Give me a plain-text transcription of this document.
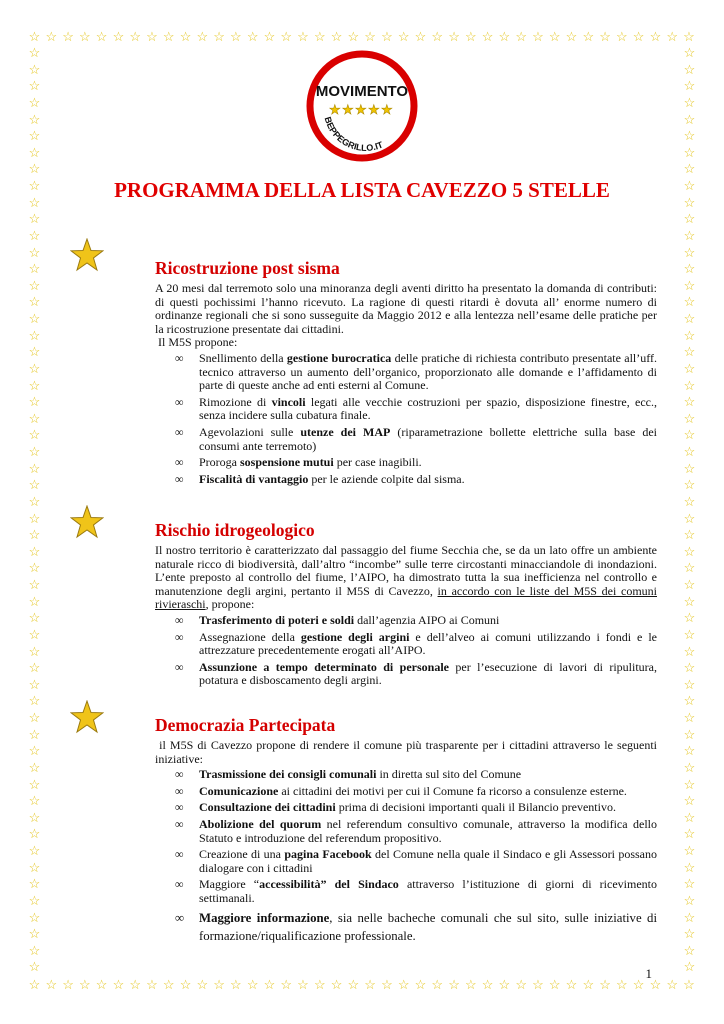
☆ ☆ ☆ ☆ ☆ ☆ ☆ ☆ ☆ ☆ ☆ ☆ ☆ ☆ ☆ ☆ ☆ ☆ ☆ ☆ ☆ ☆ ☆ ☆ ☆ ☆ ☆ ☆ ☆ ☆ ☆ ☆ ☆ ☆ ☆ ☆ ☆ ☆ ☆ ☆
☆ ☆ ☆ ☆ ☆ ☆ ☆ ☆ ☆ ☆ ☆ ☆ ☆ ☆ ☆ ☆ ☆ ☆ ☆ ☆ ☆ ☆ ☆ ☆ ☆ ☆ ☆ ☆ ☆ ☆ ☆ ☆ ☆ ☆ ☆ ☆ ☆ ☆ ☆ ☆
☆
☆
☆
☆
☆
☆
☆
☆
☆
☆
☆
☆
☆
☆
☆
☆
☆
☆
☆
☆
☆
☆
☆
☆
☆
☆
☆
☆
☆
☆
☆
☆
☆
☆
☆
☆
☆
☆
☆
☆
☆
☆
☆
☆
☆
☆
☆
☆
☆
☆
☆
☆
☆
☆
☆
☆
☆
☆
☆
☆
☆
☆
☆
☆
☆
☆
☆
☆
☆
☆
☆
☆
☆
☆
☆
☆
☆
☆
☆
☆
☆
☆
☆
☆
☆
☆
☆
☆
☆
☆
☆
☆
☆
☆
☆
☆
☆
☆
☆
☆
☆
☆
☆
☆
☆
☆
☆
☆
☆
☆
☆
☆
MOVIMENTO
★ ★ ★ ★ ★
BEPPEGRILLO.IT
PROGRAMMA DELLA LISTA CAVEZZO 5 STELLE
Ricostruzione post sisma

A 20 mesi dal terremoto solo una minoranza degli aventi diritto ha presentato la domanda di contributi: di questi pochissimi l’hanno ricevuto. La ragione di questi ritardi è dovuta all’ enorme numero di ordinanze regionali che si sono susseguite da Maggio 2012 e alla lentezza nell’esame delle pratiche per la ricostruzione presentate dai cittadini.

Il M5S propone:

∞ Snellimento della gestione burocratica delle pratiche di richiesta contributo presentate all’uff. tecnico attraverso un aumento dell’organico, proporzionato alle domande e l’affidamento di parte di queste anche ad enti esterni al Comune.
∞ Rimozione di vincoli legati alle vecchie costruzioni per spazio, disposizione finestre, ecc., senza incidere sulla cubatura finale.
∞ Agevolazioni sulle utenze dei MAP (riparametrazione bollette elettriche sulla base dei consumi ante terremoto)
∞ Proroga sospensione mutui per case inagibili.
∞ Fiscalità di vantaggio per le aziende colpite dal sisma.
Rischio idrogeologico

Il nostro territorio è caratterizzato dal passaggio del fiume Secchia che, se da un lato offre un ambiente naturale ricco di biodiversità, dall’altro “incombe” sulle terre circostanti minacciandole di inondazioni. L’ente preposto al controllo del fiume, l’AIPO, ha dimostrato tutta la sua inefficienza nel controllo e manutenzione degli argini, pertanto il M5S di Cavezzo, in accordo con le liste del M5S dei comuni rivieraschi, propone:

∞ Trasferimento di poteri e soldi dall’agenzia AIPO ai Comuni
∞ Assegnazione della gestione degli argini e dell’alveo ai comuni utilizzando i fondi e le attrezzature precedentemente erogati all’AIPO.
∞ Assunzione a tempo determinato di personale per l’esecuzione di lavori di ripulitura, potatura e disboscamento degli argini.
Democrazia Partecipata

il M5S di Cavezzo propone di rendere il comune più trasparente per i cittadini attraverso le seguenti iniziative:

∞ Trasmissione dei consigli comunali in diretta sul sito del Comune
∞ Comunicazione ai cittadini dei motivi per cui il Comune fa ricorso a consulenze esterne.
∞ Consultazione dei cittadini prima di decisioni importanti quali il Bilancio preventivo.
∞ Abolizione del quorum nel referendum consultivo comunale, attraverso la modifica dello Statuto e introduzione del referendum propositivo.
∞ Creazione di una pagina Facebook del Comune nella quale il Sindaco e gli Assessori possano dialogare con i cittadini
∞ Maggiore “accessibilità” del Sindaco attraverso l’istituzione di giorni di ricevimento settimanali.
∞ Maggiore informazione, sia nelle bacheche comunali che sul sito, sulle iniziative di formazione/riqualificazione professionale.
1
